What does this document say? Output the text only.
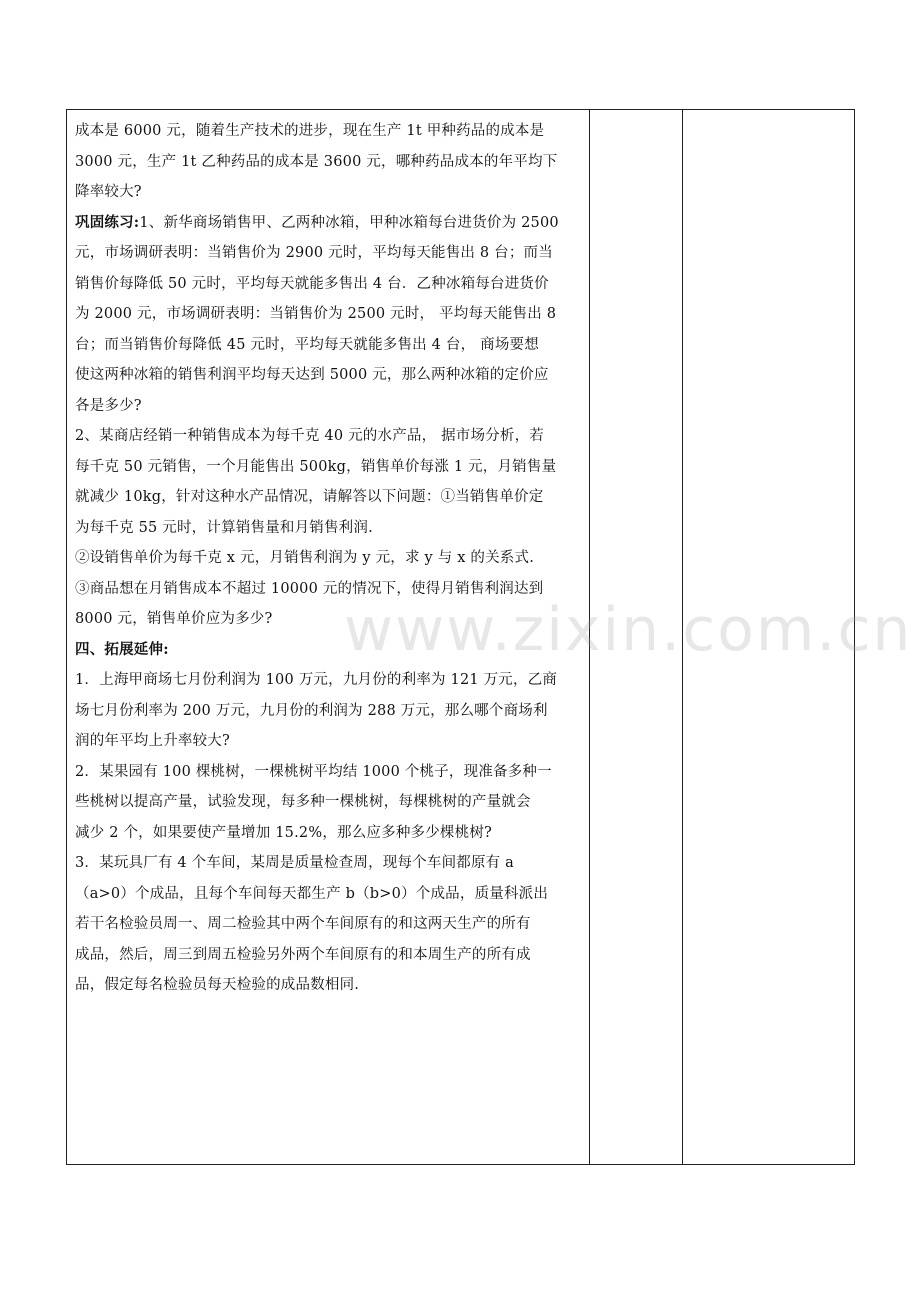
成本是 6000 元，随着生产技术的进步，现在生产 1t 甲种药品的成本是
3000 元，生产 1t 乙种药品的成本是 3600 元，哪种药品成本的年平均下
降率较大?
巩固练习:1、新华商场销售甲、乙两种冰箱，甲种冰箱每台进货价为 2500
元，市场调研表明：当销售价为 2900 元时，平均每天能售出 8 台；而当
销售价每降低 50 元时，平均每天就能多售出 4 台．乙种冰箱每台进货价
为 2000 元，市场调研表明：当销售价为 2500 元时， 平均每天能售出 8
台；而当销售价每降低 45 元时，平均每天就能多售出 4 台， 商场要想
使这两种冰箱的销售利润平均每天达到 5000 元，那么两种冰箱的定价应
各是多少?
2、某商店经销一种销售成本为每千克 40 元的水产品， 据市场分析，若
每千克 50 元销售，一个月能售出 500kg，销售单价每涨 1 元，月销售量
就减少 10kg，针对这种水产品情况，请解答以下问题：①当销售单价定
为每千克 55 元时，计算销售量和月销售利润.
②设销售单价为每千克 x 元，月销售利润为 y 元，求 y 与 x 的关系式.
③商品想在月销售成本不超过 10000 元的情况下，使得月销售利润达到
8000 元，销售单价应为多少?
四、拓展延伸:
1．上海甲商场七月份利润为 100 万元，九月份的利率为 121 万元，乙商
场七月份利率为 200 万元，九月份的利润为 288 万元，那么哪个商场利
润的年平均上升率较大?
2．某果园有 100 棵桃树，一棵桃树平均结 1000 个桃子，现准备多种一
些桃树以提高产量，试验发现，每多种一棵桃树，每棵桃树的产量就会
减少 2 个，如果要使产量增加 15.2%，那么应多种多少棵桃树?
3．某玩具厂有 4 个车间，某周是质量检查周，现每个车间都原有 a
（a>0）个成品，且每个车间每天都生产 b（b>0）个成品，质量科派出
若干名检验员周一、周二检验其中两个车间原有的和这两天生产的所有
成品，然后，周三到周五检验另外两个车间原有的和本周生产的所有成
品，假定每名检验员每天检验的成品数相同.

www.zixin.com.cn
